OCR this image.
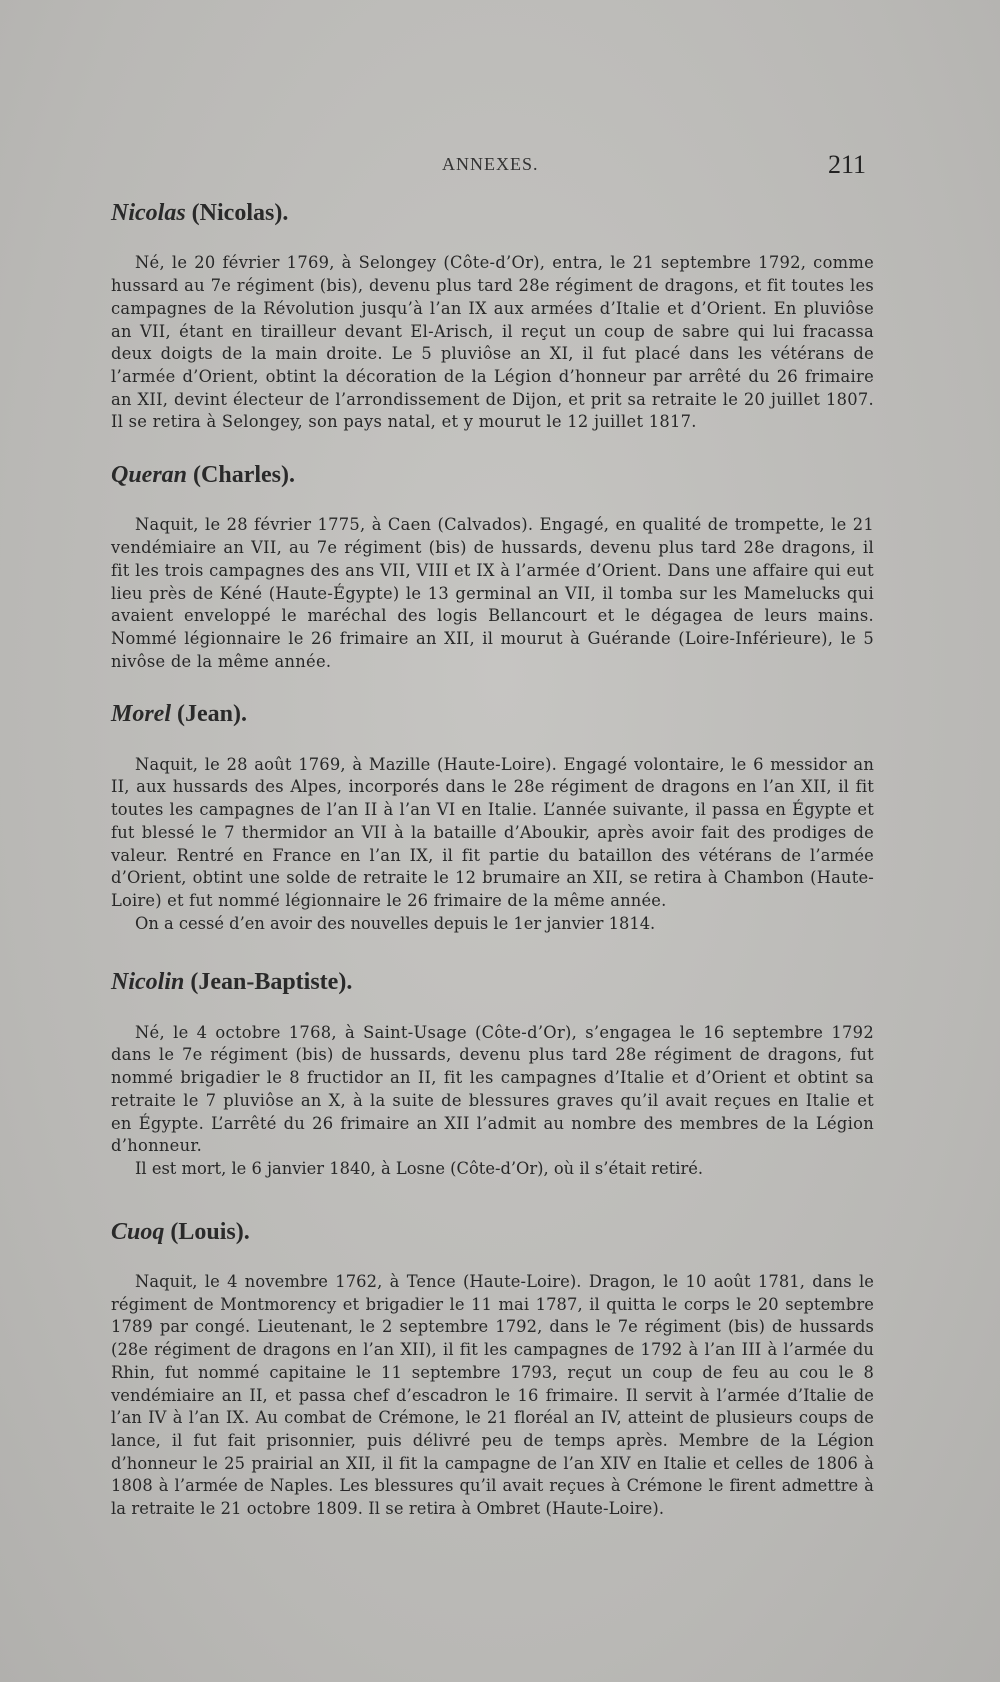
ANNEXES.	211
Nicolas (Nicolas).

Né, le 20 février 1769, à Selongey (Côte-d’Or), entra, le 21 septembre 1792, comme hussard au 7e régiment (bis), devenu plus tard 28e régiment de dragons, et fit toutes les campagnes de la Révolution jusqu’à l’an IX aux armées d’Italie et d’Orient. En pluviôse an VII, étant en tirailleur devant El-Arisch, il reçut un coup de sabre qui lui fracassa deux doigts de la main droite. Le 5 pluviôse an XI, il fut placé dans les vétérans de l’armée d’Orient, obtint la décoration de la Légion d’honneur par arrêté du 26 frimaire an XII, devint électeur de l’arrondissement de Dijon, et prit sa retraite le 20 juillet 1807. Il se retira à Selongey, son pays natal, et y mourut le 12 juillet 1817.

Queran (Charles).

Naquit, le 28 février 1775, à Caen (Calvados). Engagé, en qualité de trompette, le 21 vendémiaire an VII, au 7e régiment (bis) de hussards, devenu plus tard 28e dragons, il fit les trois campagnes des ans VII, VIII et IX à l’armée d’Orient. Dans une affaire qui eut lieu près de Kéné (Haute-Égypte) le 13 germinal an VII, il tomba sur les Mamelucks qui avaient enveloppé le maréchal des logis Bellancourt et le dégagea de leurs mains. Nommé légionnaire le 26 frimaire an XII, il mourut à Guérande (Loire-Inférieure), le 5 nivôse de la même année.

Morel (Jean).

Naquit, le 28 août 1769, à Mazille (Haute-Loire). Engagé volontaire, le 6 messidor an II, aux hussards des Alpes, incorporés dans le 28e régiment de dragons en l’an XII, il fit toutes les campagnes de l’an II à l’an VI en Italie. L’année suivante, il passa en Égypte et fut blessé le 7 thermidor an VII à la bataille d’Aboukir, après avoir fait des prodiges de valeur. Rentré en France en l’an IX, il fit partie du bataillon des vétérans de l’armée d’Orient, obtint une solde de retraite le 12 brumaire an XII, se retira à Chambon (Haute-Loire) et fut nommé légionnaire le 26 frimaire de la même année.

On a cessé d’en avoir des nouvelles depuis le 1er janvier 1814.

Nicolin (Jean-Baptiste).

Né, le 4 octobre 1768, à Saint-Usage (Côte-d’Or), s’engagea le 16 septembre 1792 dans le 7e régiment (bis) de hussards, devenu plus tard 28e régiment de dragons, fut nommé brigadier le 8 fructidor an II, fit les campagnes d’Italie et d’Orient et obtint sa retraite le 7 pluviôse an X, à la suite de blessures graves qu’il avait reçues en Italie et en Égypte. L’arrêté du 26 frimaire an XII l’admit au nombre des membres de la Légion d’honneur.

Il est mort, le 6 janvier 1840, à Losne (Côte-d’Or), où il s’était retiré.

Cuoq (Louis).

Naquit, le 4 novembre 1762, à Tence (Haute-Loire). Dragon, le 10 août 1781, dans le régiment de Montmorency et brigadier le 11 mai 1787, il quitta le corps le 20 septembre 1789 par congé. Lieutenant, le 2 septembre 1792, dans le 7e régiment (bis) de hussards (28e régiment de dragons en l’an XII), il fit les campagnes de 1792 à l’an III à l’armée du Rhin, fut nommé capitaine le 11 septembre 1793, reçut un coup de feu au cou le 8 vendémiaire an II, et passa chef d’escadron le 16 frimaire. Il servit à l’armée d’Italie de l’an IV à l’an IX. Au combat de Crémone, le 21 floréal an IV, atteint de plusieurs coups de lance, il fut fait prisonnier, puis délivré peu de temps après. Membre de la Légion d’honneur le 25 prairial an XII, il fit la campagne de l’an XIV en Italie et celles de 1806 à 1808 à l’armée de Naples. Les blessures qu’il avait reçues à Crémone le firent admettre à la retraite le 21 octobre 1809. Il se retira à Ombret (Haute-Loire).
